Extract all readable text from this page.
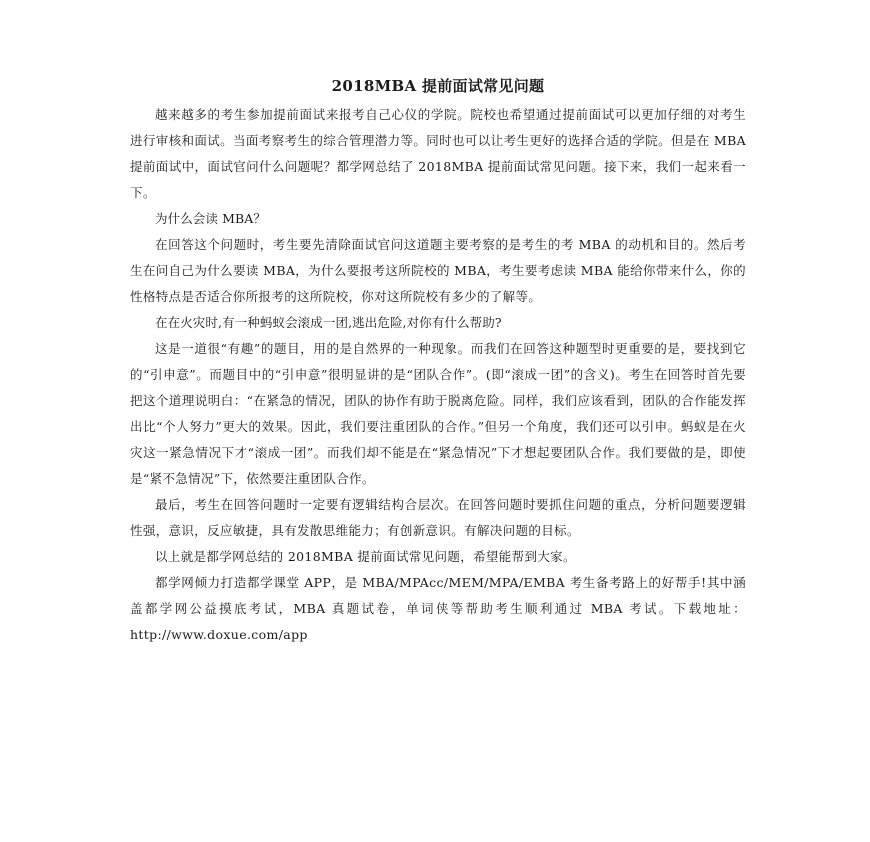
2018MBA 提前面试常见问题

越来越多的考生参加提前面试来报考自己心仪的学院。院校也希望通过提前面试可以更加仔细的对考生进行审核和面试。当面考察考生的综合管理潜力等。同时也可以让考生更好的选择合适的学院。但是在 MBA 提前面试中，面试官问什么问题呢？都学网总结了 2018MBA 提前面试常见问题。接下来，我们一起来看一下。

为什么会读 MBA？

在回答这个问题时，考生要先清除面试官问这道题主要考察的是考生的考 MBA 的动机和目的。然后考生在问自己为什么要读 MBA，为什么要报考这所院校的 MBA，考生要考虑读 MBA 能给你带来什么，你的性格特点是否适合你所报考的这所院校，你对这所院校有多少的了解等。

在在火灾时,有一种蚂蚁会滚成一团,逃出危险,对你有什么帮助?

这是一道很“有趣”的题目，用的是自然界的一种现象。而我们在回答这种题型时更重要的是，要找到它的“引申意”。而题目中的“引申意”很明显讲的是“团队合作”。(即“滚成一团”的含义)。考生在回答时首先要把这个道理说明白：“在紧急的情况，团队的协作有助于脱离危险。同样，我们应该看到，团队的合作能发挥出比“个人努力”更大的效果。因此，我们要注重团队的合作。”但另一个角度，我们还可以引申。蚂蚁是在火灾这一紧急情况下才“滚成一团”。而我们却不能是在“紧急情况”下才想起要团队合作。我们要做的是，即使是“紧不急情况”下，依然要注重团队合作。

最后，考生在回答问题时一定要有逻辑结构合层次。在回答问题时要抓住问题的重点，分析问题要逻辑性强，意识，反应敏捷，具有发散思维能力；有创新意识。有解决问题的目标。

以上就是都学网总结的 2018MBA 提前面试常见问题，希望能帮到大家。

都学网倾力打造都学课堂 APP，是 MBA/MPAcc/MEM/MPA/EMBA 考生备考路上的好帮手!其中涵盖都学网公益摸底考试，MBA 真题试卷，单词侠等帮助考生顺利通过 MBA 考试。下载地址：http://www.doxue.com/app
